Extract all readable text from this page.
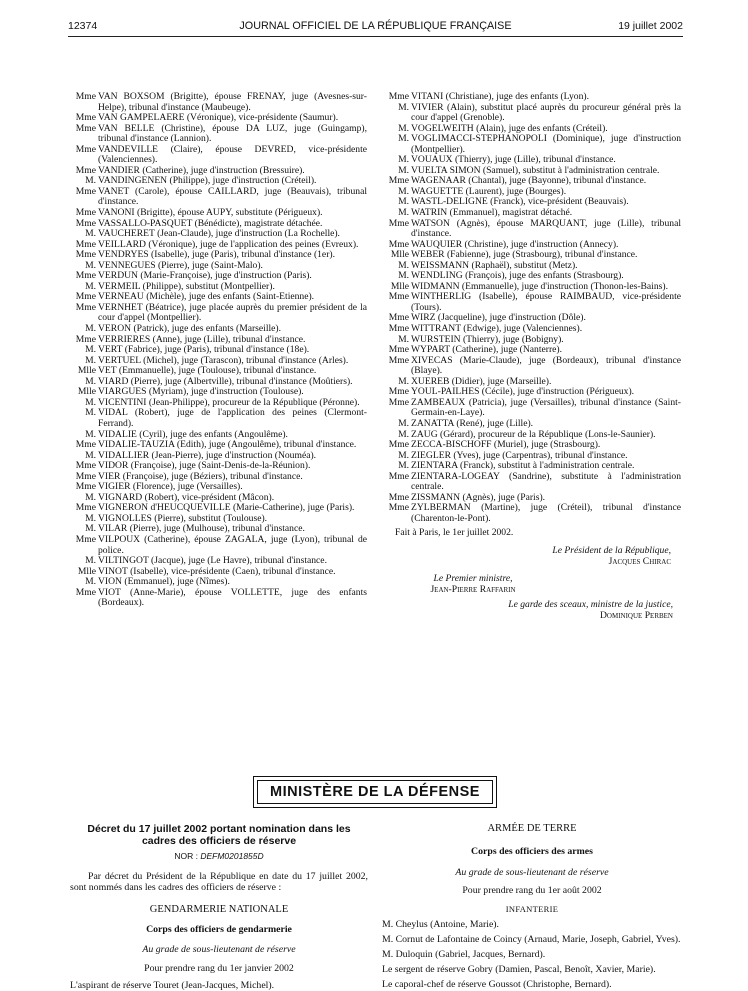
12374	JOURNAL OFFICIEL DE LA RÉPUBLIQUE FRANÇAISE	19 juillet 2002

Mme VAN BOXSOM (Brigitte), épouse FRENAY, juge (Avesnes-sur-Helpe), tribunal d'instance (Maubeuge).

Mme VAN GAMPELAERE (Véronique), vice-présidente (Saumur).

Mme VAN BELLE (Christine), épouse DA LUZ, juge (Guingamp), tribunal d'instance (Lannion).

Mme VANDEVILLE (Claire), épouse DEVRED, vice-présidente (Valenciennes).

Mme VANDIER (Catherine), juge d'instruction (Bressuire).

M. VANDINGENEN (Philippe), juge d'instruction (Créteil).

Mme VANET (Carole), épouse CAILLARD, juge (Beauvais), tribunal d'instance.

Mme VANONI (Brigitte), épouse AUPY, substitute (Périgueux).

Mme VASSALLO-PASQUET (Bénédicte), magistrate détachée.

M. VAUCHERET (Jean-Claude), juge d'instruction (La Rochelle).

Mme VEILLARD (Véronique), juge de l'application des peines (Evreux).

Mme VENDRYES (Isabelle), juge (Paris), tribunal d'instance (1er).

M. VENNEGUES (Pierre), juge (Saint-Malo).

Mme VERDUN (Marie-Françoise), juge d'instruction (Paris).

M. VERMEIL (Philippe), substitut (Montpellier).

Mme VERNEAU (Michèle), juge des enfants (Saint-Etienne).

Mme VERNHET (Béatrice), juge placée auprès du premier président de la cour d'appel (Montpellier).

M. VERON (Patrick), juge des enfants (Marseille).

Mme VERRIERES (Anne), juge (Lille), tribunal d'instance.

M. VERT (Fabrice), juge (Paris), tribunal d'instance (18e).

M. VERTUEL (Michel), juge (Tarascon), tribunal d'instance (Arles).

Mlle VET (Emmanuelle), juge (Toulouse), tribunal d'instance.

M. VIARD (Pierre), juge (Albertville), tribunal d'instance (Moûtiers).

Mlle VIARGUES (Myriam), juge d'instruction (Toulouse).

M. VICENTINI (Jean-Philippe), procureur de la République (Péronne).

M. VIDAL (Robert), juge de l'application des peines (Clermont-Ferrand).

M. VIDALIE (Cyril), juge des enfants (Angoulême).

Mme VIDALIE-TAUZIA (Edith), juge (Angoulême), tribunal d'instance.

M. VIDALLIER (Jean-Pierre), juge d'instruction (Nouméa).

Mme VIDOR (Françoise), juge (Saint-Denis-de-la-Réunion).

Mme VIER (Françoise), juge (Béziers), tribunal d'instance.

Mme VIGIER (Florence), juge (Versailles).

M. VIGNARD (Robert), vice-président (Mâcon).

Mme VIGNERON d'HEUCQUEVILLE (Marie-Catherine), juge (Paris).

M. VIGNOLLES (Pierre), substitut (Toulouse).

M. VILAR (Pierre), juge (Mulhouse), tribunal d'instance.

Mme VILPOUX (Catherine), épouse ZAGALA, juge (Lyon), tribunal de police.

M. VILTINGOT (Jacque), juge (Le Havre), tribunal d'instance.

Mlle VINOT (Isabelle), vice-présidente (Caen), tribunal d'instance.

M. VION (Emmanuel), juge (Nîmes).

Mme VIOT (Anne-Marie), épouse VOLLETTE, juge des enfants (Bordeaux).

Mme VITANI (Christiane), juge des enfants (Lyon).

M. VIVIER (Alain), substitut placé auprès du procureur général près la cour d'appel (Grenoble).

M. VOGELWEITH (Alain), juge des enfants (Créteil).

M. VOGLIMACCI-STEPHANOPOLI (Dominique), juge d'instruction (Montpellier).

M. VOUAUX (Thierry), juge (Lille), tribunal d'instance.

M. VUELTA SIMON (Samuel), substitut à l'administration centrale.

Mme WAGENAAR (Chantal), juge (Bayonne), tribunal d'instance.

M. WAGUETTE (Laurent), juge (Bourges).

M. WASTL-DELIGNE (Franck), vice-président (Beauvais).

M. WATRIN (Emmanuel), magistrat détaché.

Mme WATSON (Agnès), épouse MARQUANT, juge (Lille), tribunal d'instance.

Mme WAUQUIER (Christine), juge d'instruction (Annecy).

Mlle WEBER (Fabienne), juge (Strasbourg), tribunal d'instance.

M. WEISSMANN (Raphaël), substitut (Metz).

M. WENDLING (François), juge des enfants (Strasbourg).

Mlle WIDMANN (Emmanuelle), juge d'instruction (Thonon-les-Bains).

Mme WINTHERLIG (Isabelle), épouse RAIMBAUD, vice-présidente (Tours).

Mme WIRZ (Jacqueline), juge d'instruction (Dôle).

Mme WITTRANT (Edwige), juge (Valenciennes).

M. WURSTEIN (Thierry), juge (Bobigny).

Mme WYPART (Catherine), juge (Nanterre).

Mme XIVECAS (Marie-Claude), juge (Bordeaux), tribunal d'instance (Blaye).

M. XUEREB (Didier), juge (Marseille).

Mme YOUL-PAILHES (Cécile), juge d'instruction (Périgueux).

Mme ZAMBEAUX (Patricia), juge (Versailles), tribunal d'instance (Saint-Germain-en-Laye).

M. ZANATTA (René), juge (Lille).

M. ZAUG (Gérard), procureur de la République (Lons-le-Saunier).

Mme ZECCA-BISCHOFF (Muriel), juge (Strasbourg).

M. ZIEGLER (Yves), juge (Carpentras), tribunal d'instance.

M. ZIENTARA (Franck), substitut à l'administration centrale.

Mme ZIENTARA-LOGEAY (Sandrine), substitute à l'administration centrale.

Mme ZISSMANN (Agnès), juge (Paris).

Mme ZYLBERMAN (Martine), juge (Créteil), tribunal d'instance (Charenton-le-Pont).

Fait à Paris, le 1er juillet 2002.
Le Président de la République,
Jacques Chirac
Le Premier ministre,
Jean-Pierre Raffarin
Le garde des sceaux, ministre de la justice,
Dominique Perben
MINISTÈRE DE LA DÉFENSE
Décret du 17 juillet 2002 portant nomination dans les cadres des officiers de réserve
NOR : DEFM0201855D
Par décret du Président de la République en date du 17 juillet 2002, sont nommés dans les cadres des officiers de réserve :
GENDARMERIE NATIONALE
Corps des officiers de gendarmerie
Au grade de sous-lieutenant de réserve
Pour prendre rang du 1er janvier 2002
L'aspirant de réserve Touret (Jean-Jacques, Michel).
ARMÉE DE TERRE
Corps des officiers des armes
Au grade de sous-lieutenant de réserve
Pour prendre rang du 1er août 2002
INFANTERIE
M. Cheylus (Antoine, Marie).
M. Cornut de Lafontaine de Coincy (Arnaud, Marie, Joseph, Gabriel, Yves).
M. Duloquin (Gabriel, Jacques, Bernard).
Le sergent de réserve Gobry (Damien, Pascal, Benoît, Xavier, Marie).
Le caporal-chef de réserve Goussot (Christophe, Bernard).
